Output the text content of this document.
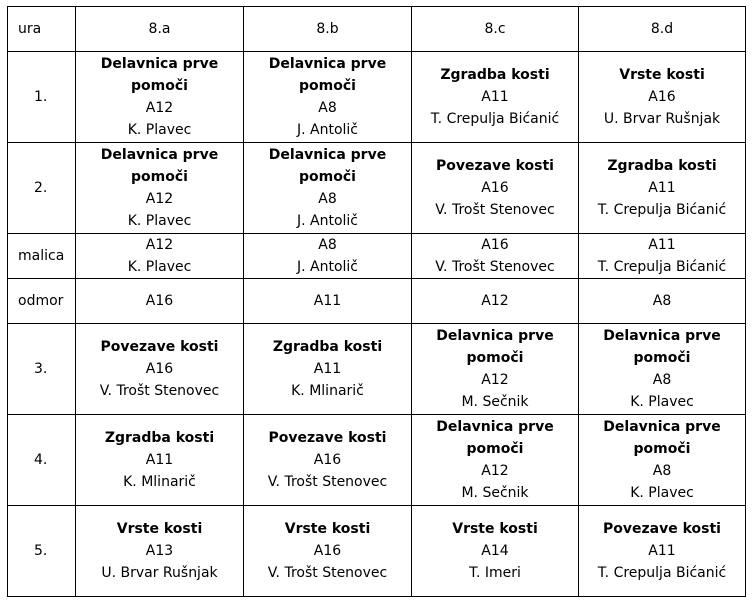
ura	8.a	8.b	8.c	8.d
1.	Delavnica prve
pomoči
A12
K. Plavec	Delavnica prve
pomoči
A8
J. Antolič	Zgradba kosti
A11
T. Crepulja Bićanić	Vrste kosti
A16
U. Brvar Rušnjak

2.	Delavnica prve
pomoči
A12
K. Plavec	Delavnica prve
pomoči
A8
J. Antolič	Povezave kosti
A16
V. Trošt Stenovec	Zgradba kosti
A11
T. Crepulja Bićanić

malica	A12
K. Plavec	A8
J. Antolič	A16
V. Trošt Stenovec	A11
T. Crepulja Bićanić

odmor	A16	A11	A12	A8

3.	Povezave kosti
A16
V. Trošt Stenovec	Zgradba kosti
A11
K. Mlinarič	Delavnica prve
pomoči
A12
M. Sečnik	Delavnica prve
pomoči
A8
K. Plavec

4.	Zgradba kosti
A11
K. Mlinarič	Povezave kosti
A16
V. Trošt Stenovec	Delavnica prve
pomoči
A12
M. Sečnik	Delavnica prve
pomoči
A8
K. Plavec

5.	Vrste kosti
A13
U. Brvar Rušnjak	Vrste kosti
A16
V. Trošt Stenovec	Vrste kosti
A14
T. Imeri	Povezave kosti
A11
T. Crepulja Bićanić
